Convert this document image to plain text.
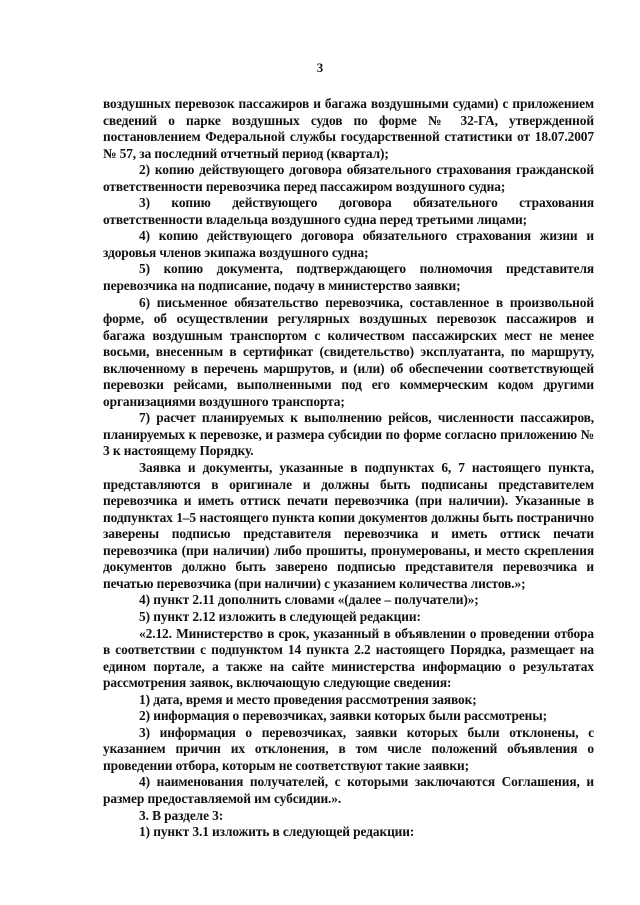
3

воздушных перевозок пассажиров и багажа воздушными судами) с приложением сведений о парке воздушных судов по форме № 32-ГА, утвержденной постановлением Федеральной службы государственной статистики от 18.07.2007 № 57, за последний отчетный период (квартал);

2) копию действующего договора обязательного страхования гражданской ответственности перевозчика перед пассажиром воздушного судна;

3) копию действующего договора обязательного страхования ответственности владельца воздушного судна перед третьими лицами;

4) копию действующего договора обязательного страхования жизни и здоровья членов экипажа воздушного судна;

5) копию документа, подтверждающего полномочия представителя перевозчика на подписание, подачу в министерство заявки;

6) письменное обязательство перевозчика, составленное в произвольной форме, об осуществлении регулярных воздушных перевозок пассажиров и багажа воздушным транспортом с количеством пассажирских мест не менее восьми, внесенным в сертификат (свидетельство) эксплуатанта, по маршруту, включенному в перечень маршрутов, и (или) об обеспечении соответствующей перевозки рейсами, выполненными под его коммерческим кодом другими организациями воздушного транспорта;

7) расчет планируемых к выполнению рейсов, численности пассажиров, планируемых к перевозке, и размера субсидии по форме согласно приложению № 3 к настоящему Порядку.

Заявка и документы, указанные в подпунктах 6, 7 настоящего пункта, представляются в оригинале и должны быть подписаны представителем перевозчика и иметь оттиск печати перевозчика (при наличии). Указанные в подпунктах 1–5 настоящего пункта копии документов должны быть постранично заверены подписью представителя перевозчика и иметь оттиск печати перевозчика (при наличии) либо прошиты, пронумерованы, и место скрепления документов должно быть заверено подписью представителя перевозчика и печатью перевозчика (при наличии) с указанием количества листов.»;

4) пункт 2.11 дополнить словами «(далее – получатели)»;

5) пункт 2.12 изложить в следующей редакции:

«2.12. Министерство в срок, указанный в объявлении о проведении отбора в соответствии с подпунктом 14 пункта 2.2 настоящего Порядка, размещает на едином портале, а также на сайте министерства информацию о результатах рассмотрения заявок, включающую следующие сведения:

1) дата, время и место проведения рассмотрения заявок;

2) информация о перевозчиках, заявки которых были рассмотрены;

3) информация о перевозчиках, заявки которых были отклонены, с указанием причин их отклонения, в том числе положений объявления о проведении отбора, которым не соответствуют такие заявки;

4) наименования получателей, с которыми заключаются Соглашения, и размер предоставляемой им субсидии.».

3. В разделе 3:

1) пункт 3.1 изложить в следующей редакции:
